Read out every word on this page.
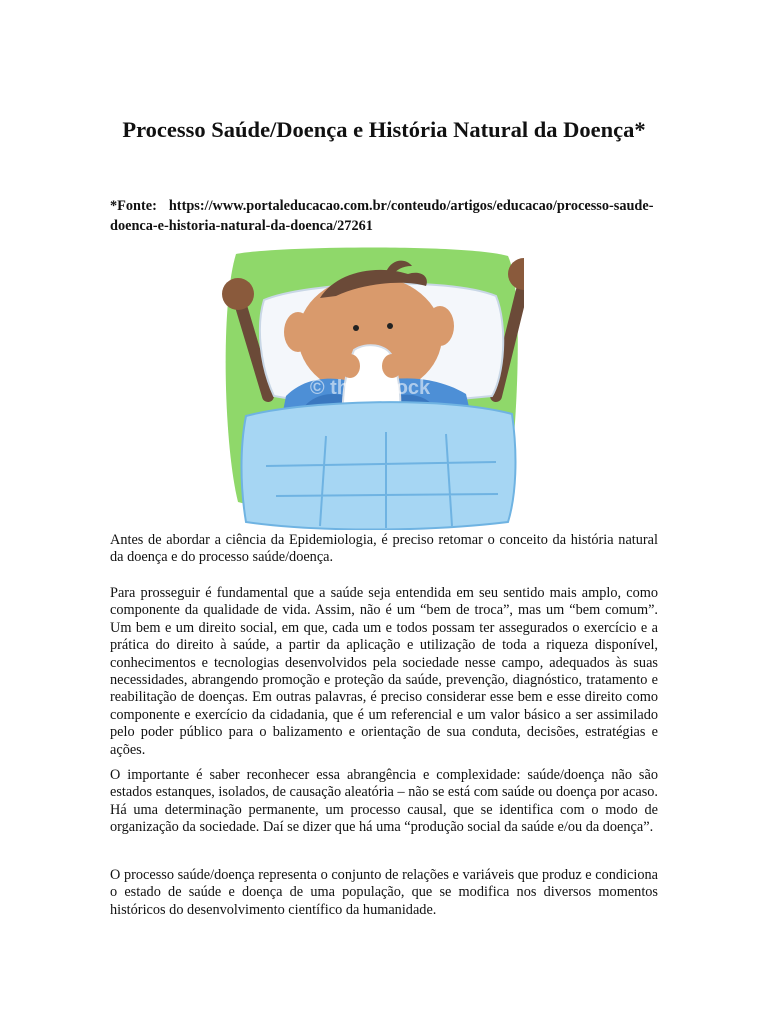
Processo Saúde/Doença e História Natural da Doença*

*Fonte: https://www.portaleducacao.com.br/conteudo/artigos/educacao/processo-saude-doenca-e-historia-natural-da-doenca/27261

© thinkstock

Antes de abordar a ciência da Epidemiologia, é preciso retomar o conceito da história natural da doença e do processo saúde/doença.

Para prosseguir é fundamental que a saúde seja entendida em seu sentido mais amplo, como componente da qualidade de vida. Assim, não é um “bem de troca”, mas um “bem comum”. Um bem e um direito social, em que, cada um e todos possam ter assegurados o exercício e a prática do direito à saúde, a partir da aplicação e utilização de toda a riqueza disponível, conhecimentos e tecnologias desenvolvidos pela sociedade nesse campo, adequados às suas necessidades, abrangendo promoção e proteção da saúde, prevenção, diagnóstico, tratamento e reabilitação de doenças. Em outras palavras, é preciso considerar esse bem e esse direito como componente e exercício da cidadania, que é um referencial e um valor básico a ser assimilado pelo poder público para o balizamento e orientação de sua conduta, decisões, estratégias e ações.

O importante é saber reconhecer essa abrangência e complexidade: saúde/doença não são estados estanques, isolados, de causação aleatória – não se está com saúde ou doença por acaso. Há uma determinação permanente, um processo causal, que se identifica com o modo de organização da sociedade. Daí se dizer que há uma “produção social da saúde e/ou da doença”.

O processo saúde/doença representa o conjunto de relações e variáveis que produz e condiciona o estado de saúde e doença de uma população, que se modifica nos diversos momentos históricos do desenvolvimento científico da humanidade.
